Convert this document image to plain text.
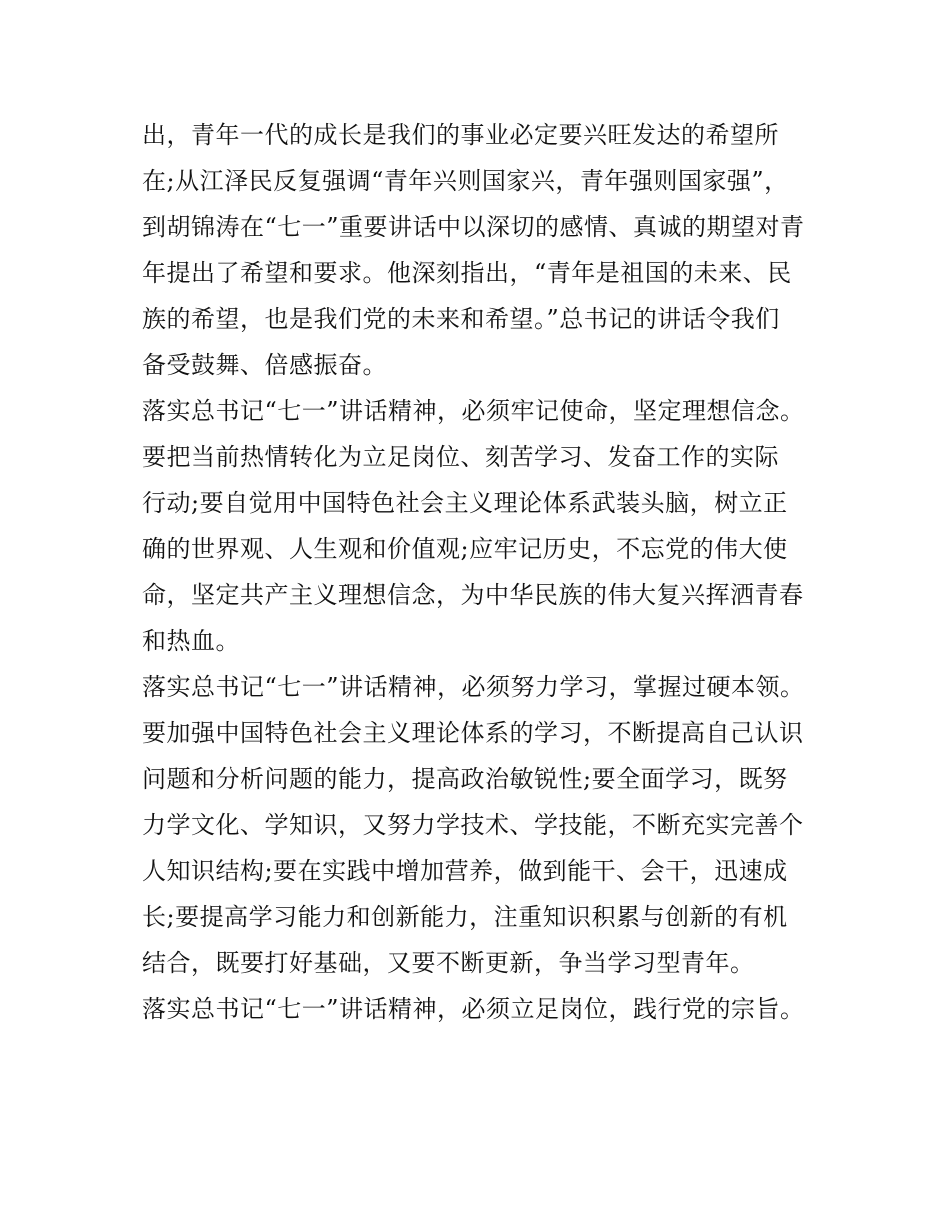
出，青年一代的成长是我们的事业必定要兴旺发达的希望所
在;从江泽民反复强调“青年兴则国家兴，青年强则国家强”，
到胡锦涛在“七一”重要讲话中以深切的感情、真诚的期望对青
年提出了希望和要求。他深刻指出，“青年是祖国的未来、民
族的希望，也是我们党的未来和希望。”总书记的讲话令我们
备受鼓舞、倍感振奋。
落实总书记“七一”讲话精神，必须牢记使命，坚定理想信念。
要把当前热情转化为立足岗位、刻苦学习、发奋工作的实际
行动;要自觉用中国特色社会主义理论体系武装头脑，树立正
确的世界观、人生观和价值观;应牢记历史，不忘党的伟大使
命，坚定共产主义理想信念，为中华民族的伟大复兴挥洒青春
和热血。
落实总书记“七一”讲话精神，必须努力学习，掌握过硬本领。
要加强中国特色社会主义理论体系的学习，不断提高自己认识
问题和分析问题的能力，提高政治敏锐性;要全面学习，既努
力学文化、学知识，又努力学技术、学技能，不断充实完善个
人知识结构;要在实践中增加营养，做到能干、会干，迅速成
长;要提高学习能力和创新能力，注重知识积累与创新的有机
结合，既要打好基础，又要不断更新，争当学习型青年。
落实总书记“七一”讲话精神，必须立足岗位，践行党的宗旨。
